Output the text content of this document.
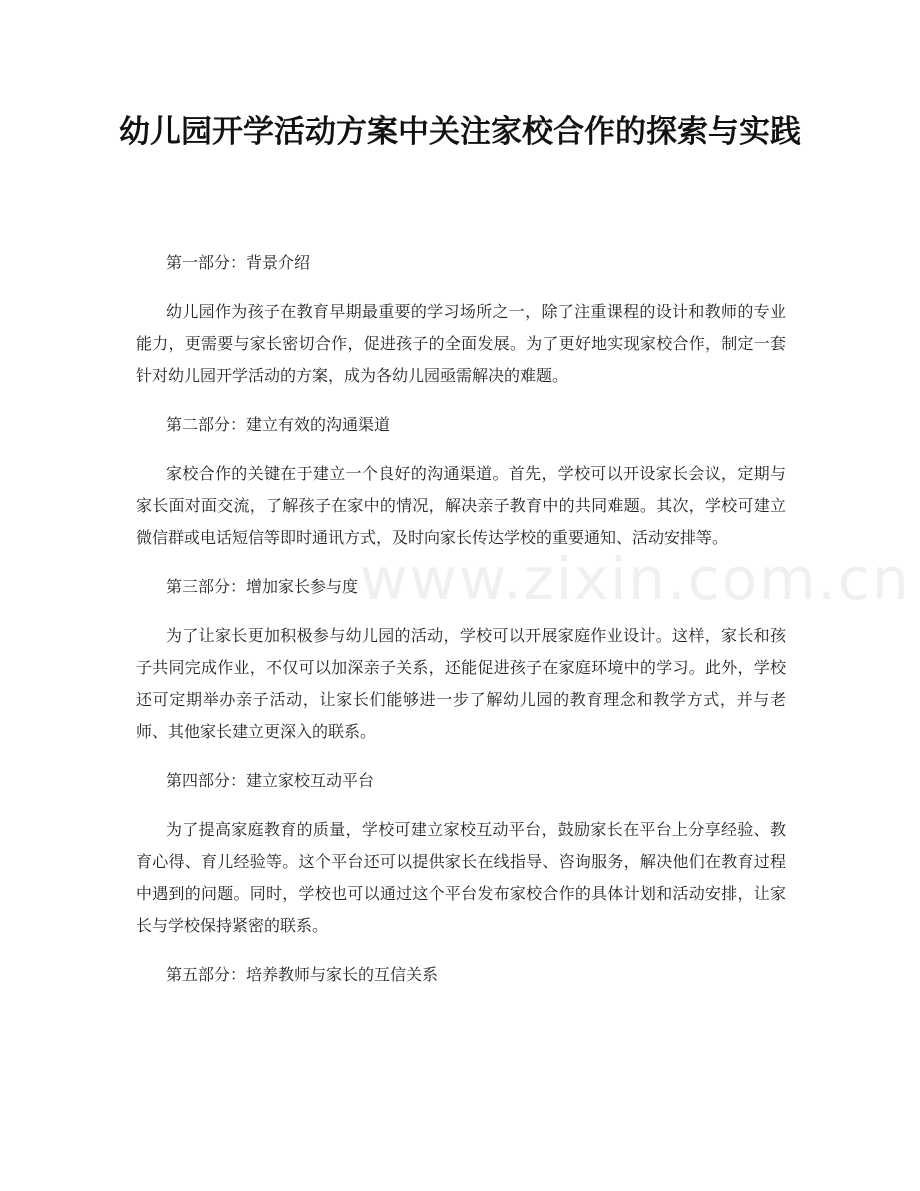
幼儿园开学活动方案中关注家校合作的探索与实践

第一部分：背景介绍

幼儿园作为孩子在教育早期最重要的学习场所之一，除了注重课程的设计和教师的专业能力，更需要与家长密切合作，促进孩子的全面发展。为了更好地实现家校合作，制定一套针对幼儿园开学活动的方案，成为各幼儿园亟需解决的难题。

第二部分：建立有效的沟通渠道

家校合作的关键在于建立一个良好的沟通渠道。首先，学校可以开设家长会议，定期与家长面对面交流，了解孩子在家中的情况，解决亲子教育中的共同难题。其次，学校可建立微信群或电话短信等即时通讯方式，及时向家长传达学校的重要通知、活动安排等。

第三部分：增加家长参与度

为了让家长更加积极参与幼儿园的活动，学校可以开展家庭作业设计。这样，家长和孩子共同完成作业，不仅可以加深亲子关系，还能促进孩子在家庭环境中的学习。此外，学校还可定期举办亲子活动，让家长们能够进一步了解幼儿园的教育理念和教学方式，并与老师、其他家长建立更深入的联系。

第四部分：建立家校互动平台

为了提高家庭教育的质量，学校可建立家校互动平台，鼓励家长在平台上分享经验、教育心得、育儿经验等。这个平台还可以提供家长在线指导、咨询服务，解决他们在教育过程中遇到的问题。同时，学校也可以通过这个平台发布家校合作的具体计划和活动安排，让家长与学校保持紧密的联系。

第五部分：培养教师与家长的互信关系

www.zixin.com.cn
